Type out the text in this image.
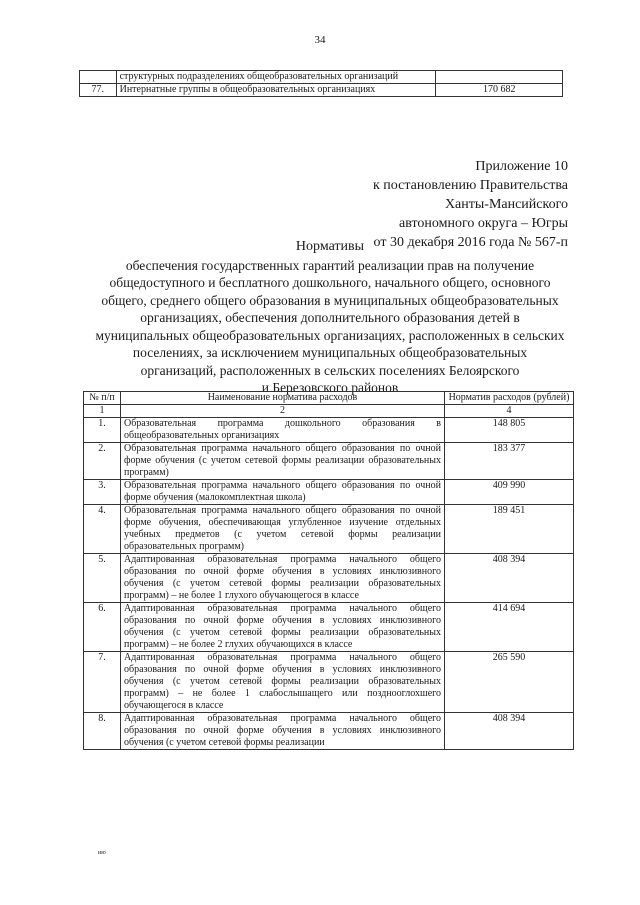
34
	структурных подразделениях общеобразовательных организаций	
77.	Интернатные группы в общеобразовательных организациях	170 682
Приложение 10
к постановлению Правительства
Ханты-Мансийского
автономного округа – Югры
от 30 декабря 2016 года № 567-п
Нормативы
обеспечения государственных гарантий реализации прав на получение
общедоступного и бесплатного дошкольного, начального общего, основного
общего, среднего общего образования в муниципальных общеобразовательных
организациях, обеспечения дополнительного образования детей в
муниципальных общеобразовательных организациях, расположенных в сельских
поселениях, за исключением муниципальных общеобразовательных
организаций, расположенных в сельских поселениях Белоярского
и Березовского районов
№ п/п	Наименование норматива расходов	Норматив расходов (рублей)
1	2	4
1.	Образовательная программа дошкольного образования в общеобразовательных организациях	148 805
2.	Образовательная программа начального общего образования по очной форме обучения (с учетом сетевой формы реализации образовательных программ)	183 377
3.	Образовательная программа начального общего образования по очной форме обучения (малокомплектная школа)	409 990
4.	Образовательная программа начального общего образования по очной форме обучения, обеспечивающая углубленное изучение отдельных учебных предметов (с учетом сетевой формы реализации образовательных программ)	189 451
5.	Адаптированная образовательная программа начального общего образования по очной форме обучения в условиях инклюзивного обучения (с учетом сетевой формы реализации образовательных программ) – не более 1 глухого обучающегося в классе	408 394
6.	Адаптированная образовательная программа начального общего образования по очной форме обучения в условиях инклюзивного обучения (с учетом сетевой формы реализации образовательных программ) – не более 2 глухих обучающихся в классе	414 694
7.	Адаптированная образовательная программа начального общего образования по очной форме обучения в условиях инклюзивного обучения (с учетом сетевой формы реализации образовательных программ) – не более 1 слабослышащего или позднооглохшего обучающегося в классе	265 590
8.	Адаптированная образовательная программа начального общего образования по очной форме обучения в условиях инклюзивного обучения (с учетом сетевой формы реализации	408 394
ию
